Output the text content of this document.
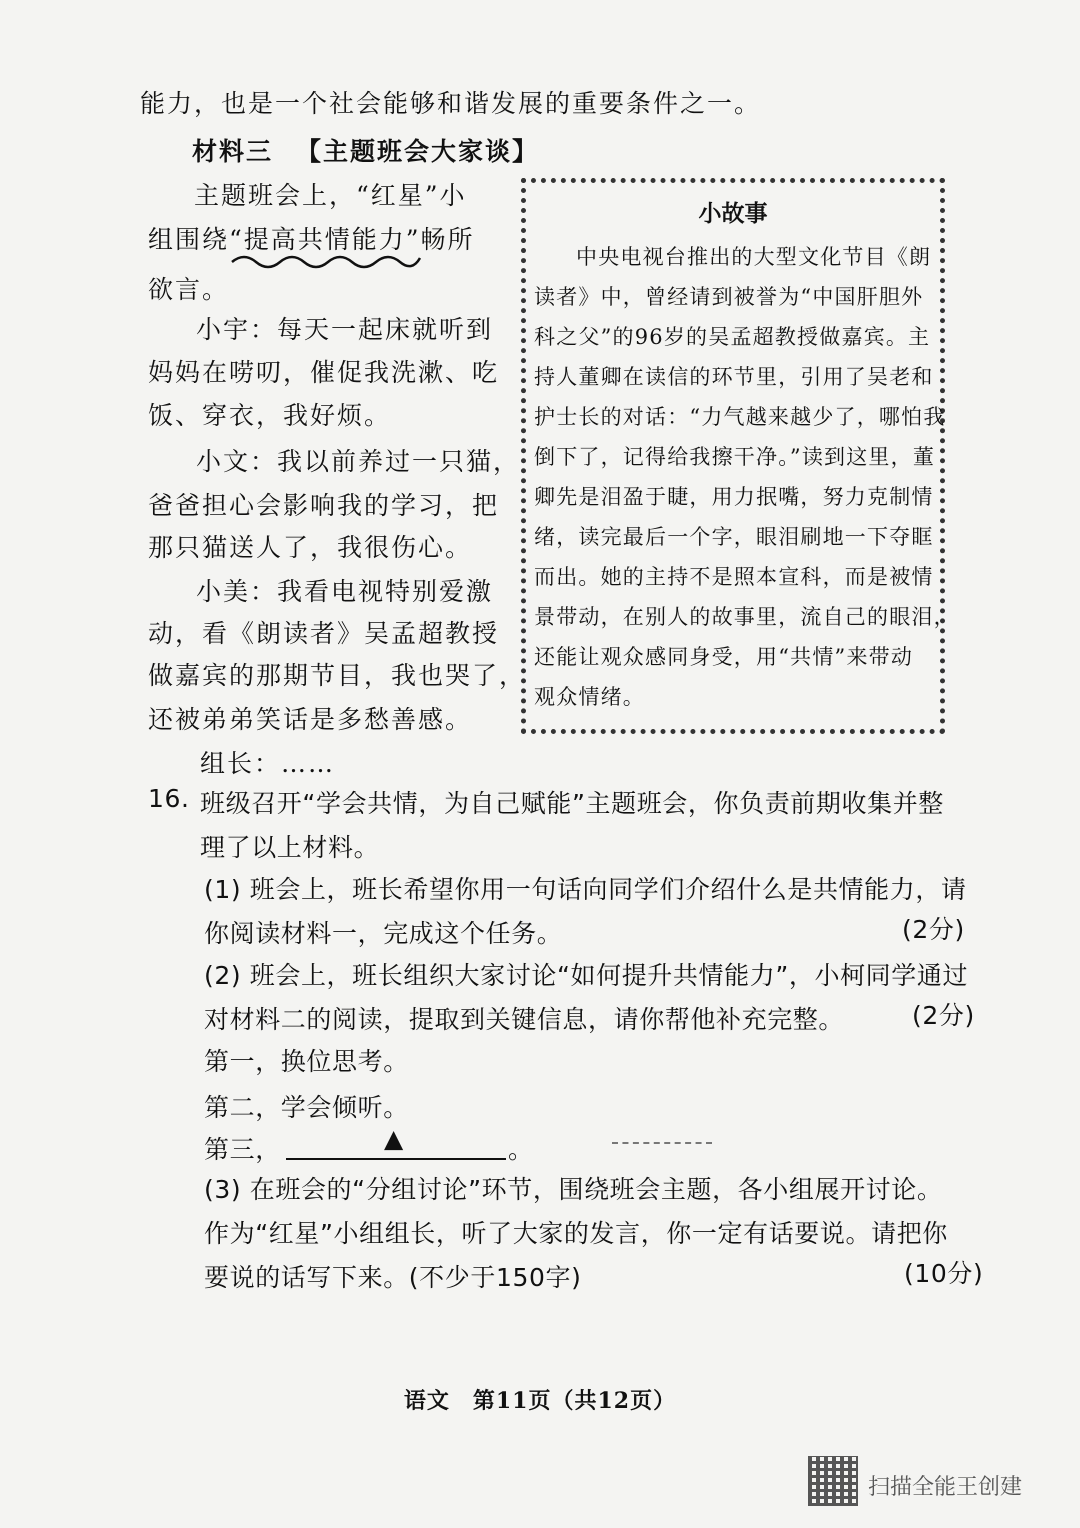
能力，也是一个社会能够和谐发展的重要条件之一。
材料三 【主题班会大家谈】
主题班会上，“红星”小
组围绕“提高共情能力”畅所
欲言。
小宇：每天一起床就听到
妈妈在唠叨，催促我洗漱、吃
饭、穿衣，我好烦。
小文：我以前养过一只猫，
爸爸担心会影响我的学习，把
那只猫送人了，我很伤心。
小美：我看电视特别爱激
动，看《朗读者》吴孟超教授
做嘉宾的那期节目，我也哭了，
还被弟弟笑话是多愁善感。
组长：……
小故事
中央电视台推出的大型文化节目《朗
读者》中，曾经请到被誉为“中国肝胆外
科之父”的96岁的吴孟超教授做嘉宾。主
持人董卿在读信的环节里，引用了吴老和
护士长的对话：“力气越来越少了，哪怕我
倒下了，记得给我擦干净。”读到这里，董
卿先是泪盈于睫，用力抿嘴，努力克制情
绪，读完最后一个字，眼泪刷地一下夺眶
而出。她的主持不是照本宣科，而是被情
景带动，在别人的故事里，流自己的眼泪，
还能让观众感同身受，用“共情”来带动
观众情绪。
16. 班级召开“学会共情，为自己赋能”主题班会，你负责前期收集并整
理了以上材料。
(1) 班会上，班长希望你用一句话向同学们介绍什么是共情能力，请
你阅读材料一，完成这个任务。	(2分)
(2) 班会上，班长组织大家讨论“如何提升共情能力”，小柯同学通过
对材料二的阅读，提取到关键信息，请你帮他补充完整。	(2分)
第一，换位思考。
第二，学会倾听。
第三，	▲	。
(3) 在班会的“分组讨论”环节，围绕班会主题，各小组展开讨论。
作为“红星”小组组长，听了大家的发言，你一定有话要说。请把你
要说的话写下来。(不少于150字)	(10分)
语文　第11页（共12页）
扫描全能王创建
